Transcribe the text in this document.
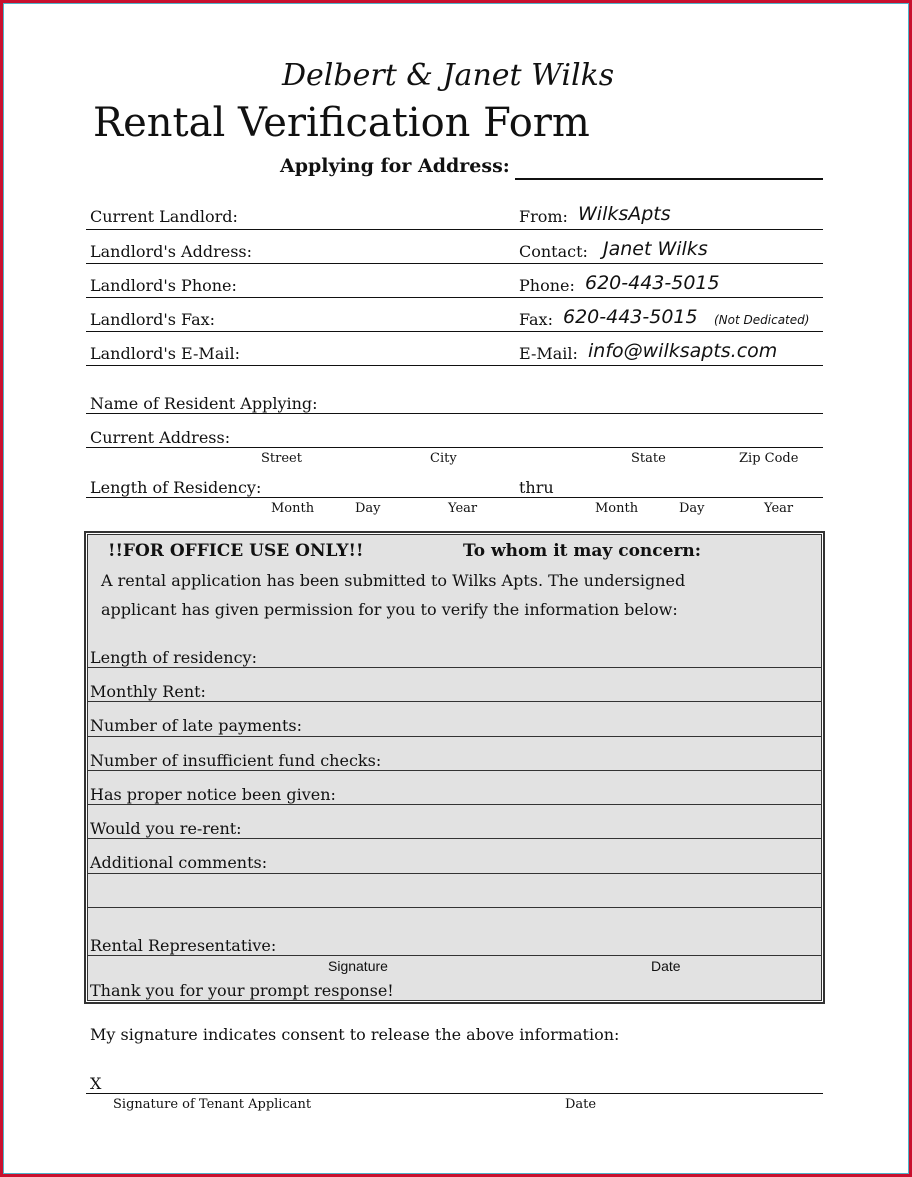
Delbert & Janet Wilks
Rental Verification Form
Applying for Address:
Current Landlord:	From: WilksApts
Landlord's Address:	Contact: Janet Wilks
Landlord's Phone:	Phone: 620-443-5015
Landlord's Fax:	Fax: 620-443-5015 (Not Dedicated)
Landlord's E-Mail:	E-Mail: info@wilksapts.com
Name of Resident Applying:
Current Address:
Street	City	State	Zip Code
Length of Residency:	thru
Month	Day	Year	Month	Day	Year
!!FOR OFFICE USE ONLY!!	To whom it may concern:
A rental application has been submitted to Wilks Apts. The undersigned
applicant has given permission for you to verify the information below:
Length of residency:
Monthly Rent:
Number of late payments:
Number of insufficient fund checks:
Has proper notice been given:
Would you re-rent:
Additional comments:
Rental Representative:
Signature	Date
Thank you for your prompt response!
My signature indicates consent to release the above information:
X
Signature of Tenant Applicant	Date
